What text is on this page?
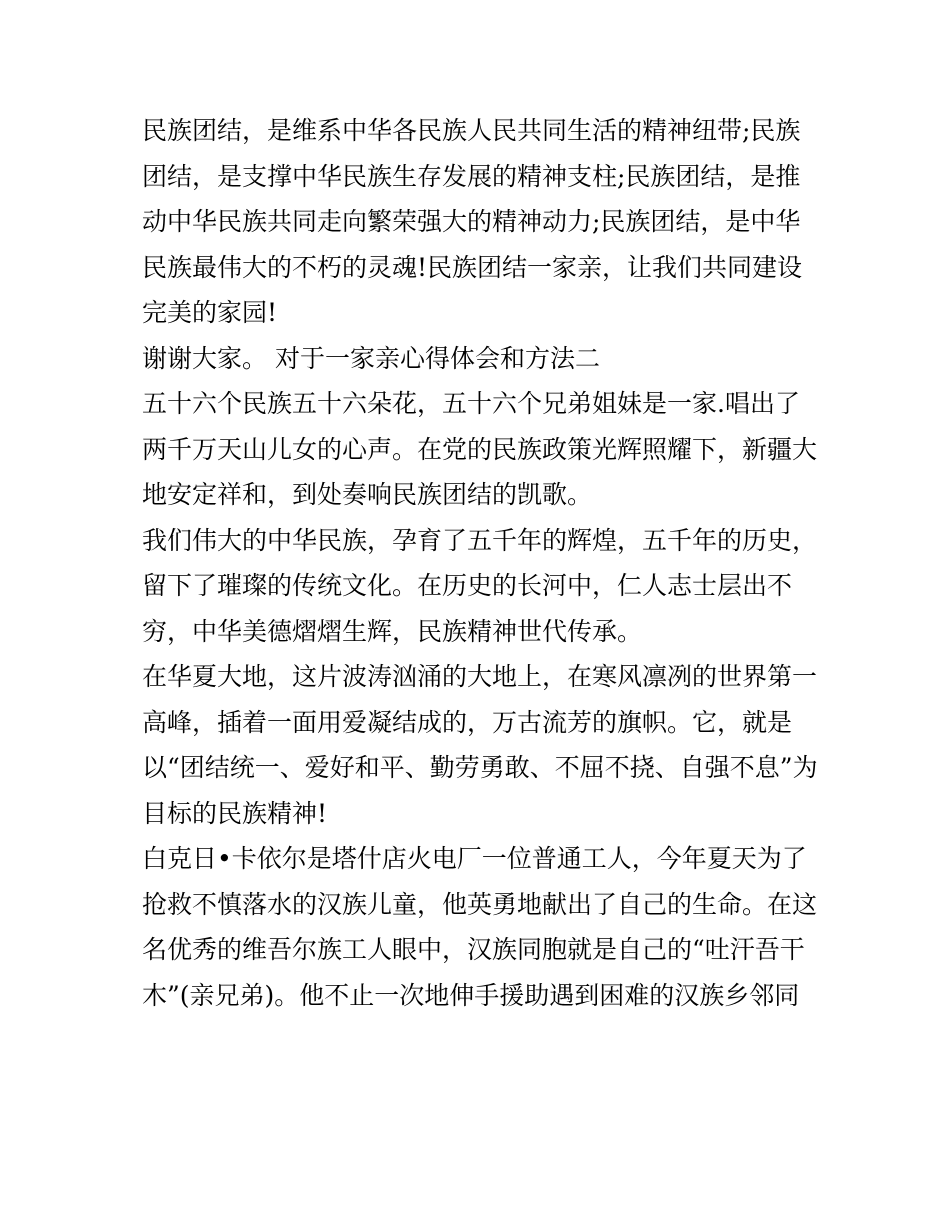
民族团结，是维系中华各民族人民共同生活的精神纽带;民族
团结，是支撑中华民族生存发展的精神支柱;民族团结，是推
动中华民族共同走向繁荣强大的精神动力;民族团结，是中华
民族最伟大的不朽的灵魂!民族团结一家亲，让我们共同建设
完美的家园!

谢谢大家。 对于一家亲心得体会和方法二

五十六个民族五十六朵花，五十六个兄弟姐妹是一家.唱出了
两千万天山儿女的心声。在党的民族政策光辉照耀下，新疆大
地安定祥和，到处奏响民族团结的凯歌。

我们伟大的中华民族，孕育了五千年的辉煌，五千年的历史，
留下了璀璨的传统文化。在历史的长河中，仁人志士层出不
穷，中华美德熠熠生辉，民族精神世代传承。

在华夏大地，这片波涛汹涌的大地上，在寒风凛冽的世界第一
高峰，插着一面用爱凝结成的，万古流芳的旗帜。它，就是
以“团结统一、爱好和平、勤劳勇敢、不屈不挠、自强不息”为
目标的民族精神!

白克日•卡依尔是塔什店火电厂一位普通工人，今年夏天为了
抢救不慎落水的汉族儿童，他英勇地献出了自己的生命。在这
名优秀的维吾尔族工人眼中，汉族同胞就是自己的“吐汗吾干
木”(亲兄弟)。他不止一次地伸手援助遇到困难的汉族乡邻同
